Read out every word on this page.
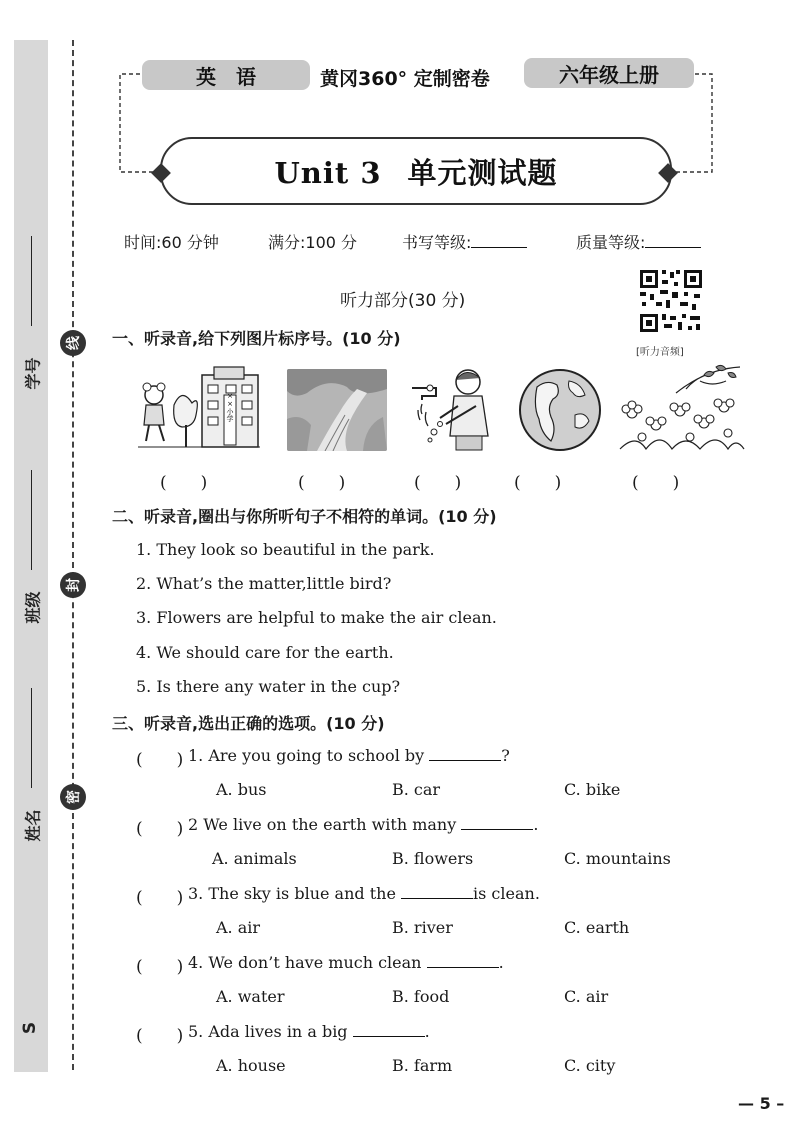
学号
班级
姓名
S
线
封
密
英　语	黄冈360° 定制密卷	六年级上册
Unit 3 单元测试题
时间:60 分钟	满分:100 分	书写等级:	质量等级:
听力部分(30 分)
[听力音频]
一、听录音,给下列图片标序号。(10 分)
××小学
(　　)	(　　)	(　　)	(　　)	(　　)
二、听录音,圈出与你所听句子不相符的单词。(10 分)
1. They look so beautiful in the park.
2. What’s the matter,little bird?
3. Flowers are helpful to make the air clean.
4. We should care for the earth.
5. Is there any water in the cup?
三、听录音,选出正确的选项。(10 分)
(　　) 1. Are you going to school by	?
A. bus	B. car	C. bike
(　　) 2 We live on the earth with many	.
A. animals	B. flowers	C. mountains
(　　) 3. The sky is blue and the	is clean.
A. air	B. river	C. earth
(　　) 4. We don’t have much clean	.
A. water	B. food	C. air
(　　) 5. Ada lives in a big	.
A. house	B. farm	C. city
— 5 –
